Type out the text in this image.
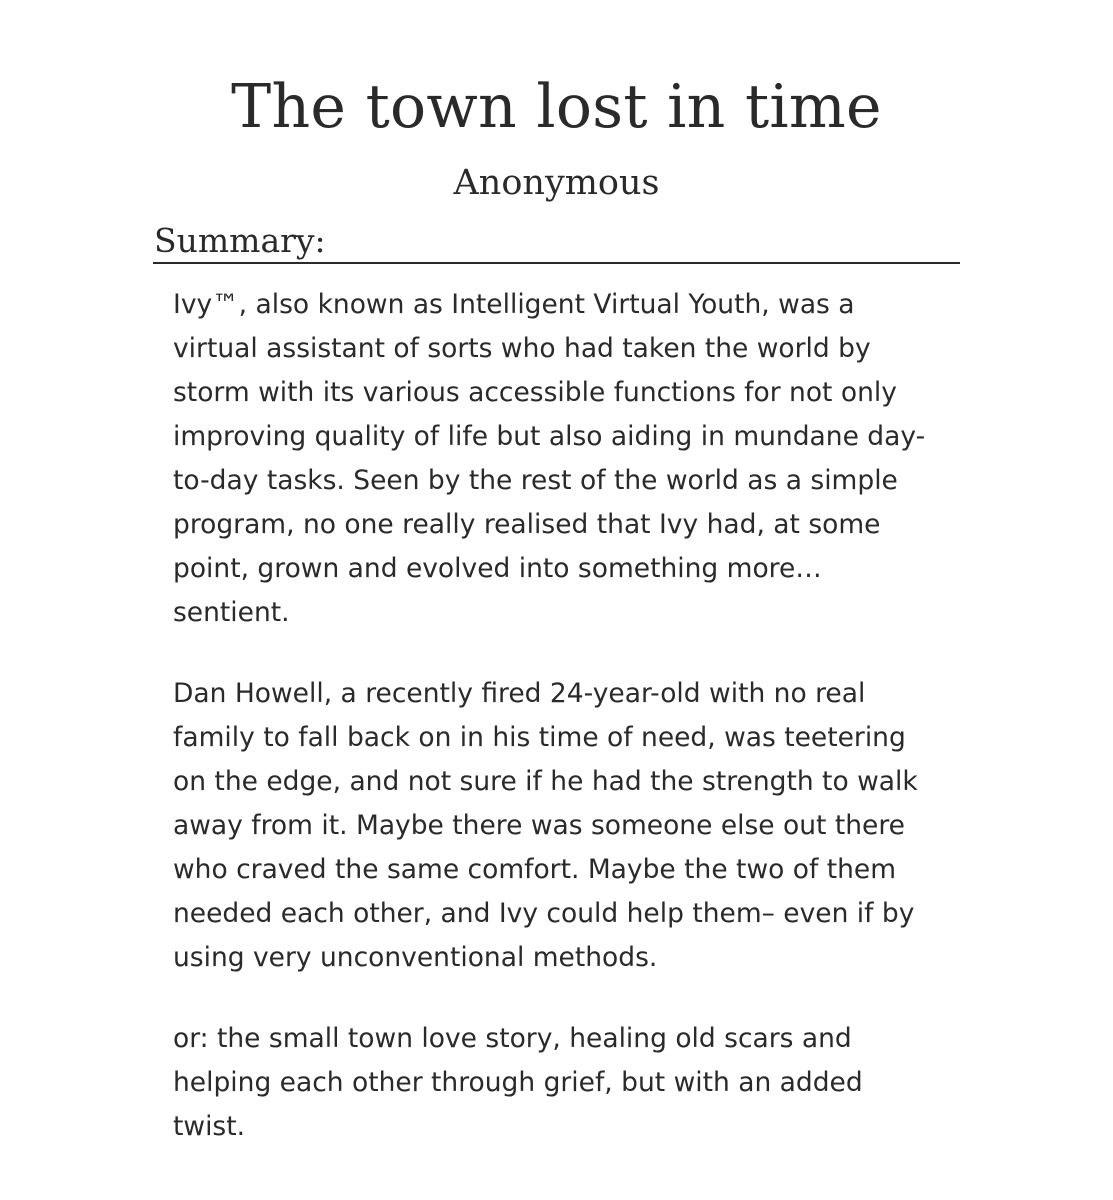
The town lost in time
Anonymous
Summary:

Ivy™, also known as Intelligent Virtual Youth, was a
virtual assistant of sorts who had taken the world by
storm with its various accessible functions for not only
improving quality of life but also aiding in mundane day-
to-day tasks. Seen by the rest of the world as a simple
program, no one really realised that Ivy had, at some
point, grown and evolved into something more…
sentient.

Dan Howell, a recently fired 24-year-old with no real
family to fall back on in his time of need, was teetering
on the edge, and not sure if he had the strength to walk
away from it. Maybe there was someone else out there
who craved the same comfort. Maybe the two of them
needed each other, and Ivy could help them– even if by
using very unconventional methods.

or: the small town love story, healing old scars and
helping each other through grief, but with an added
twist.
